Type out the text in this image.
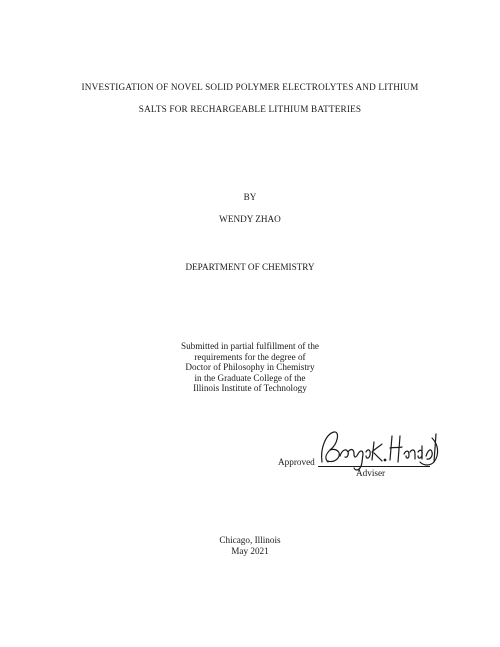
INVESTIGATION OF NOVEL SOLID POLYMER ELECTROLYTES AND LITHIUM
SALTS FOR RECHARGEABLE LITHIUM BATTERIES
BY
WENDY ZHAO
DEPARTMENT OF CHEMISTRY
Submitted in partial fulfillment of the
requirements for the degree of
Doctor of Philosophy in Chemistry
in the Graduate College of the
Illinois Institute of Technology
Approved
Adviser
Chicago, Illinois
May 2021
